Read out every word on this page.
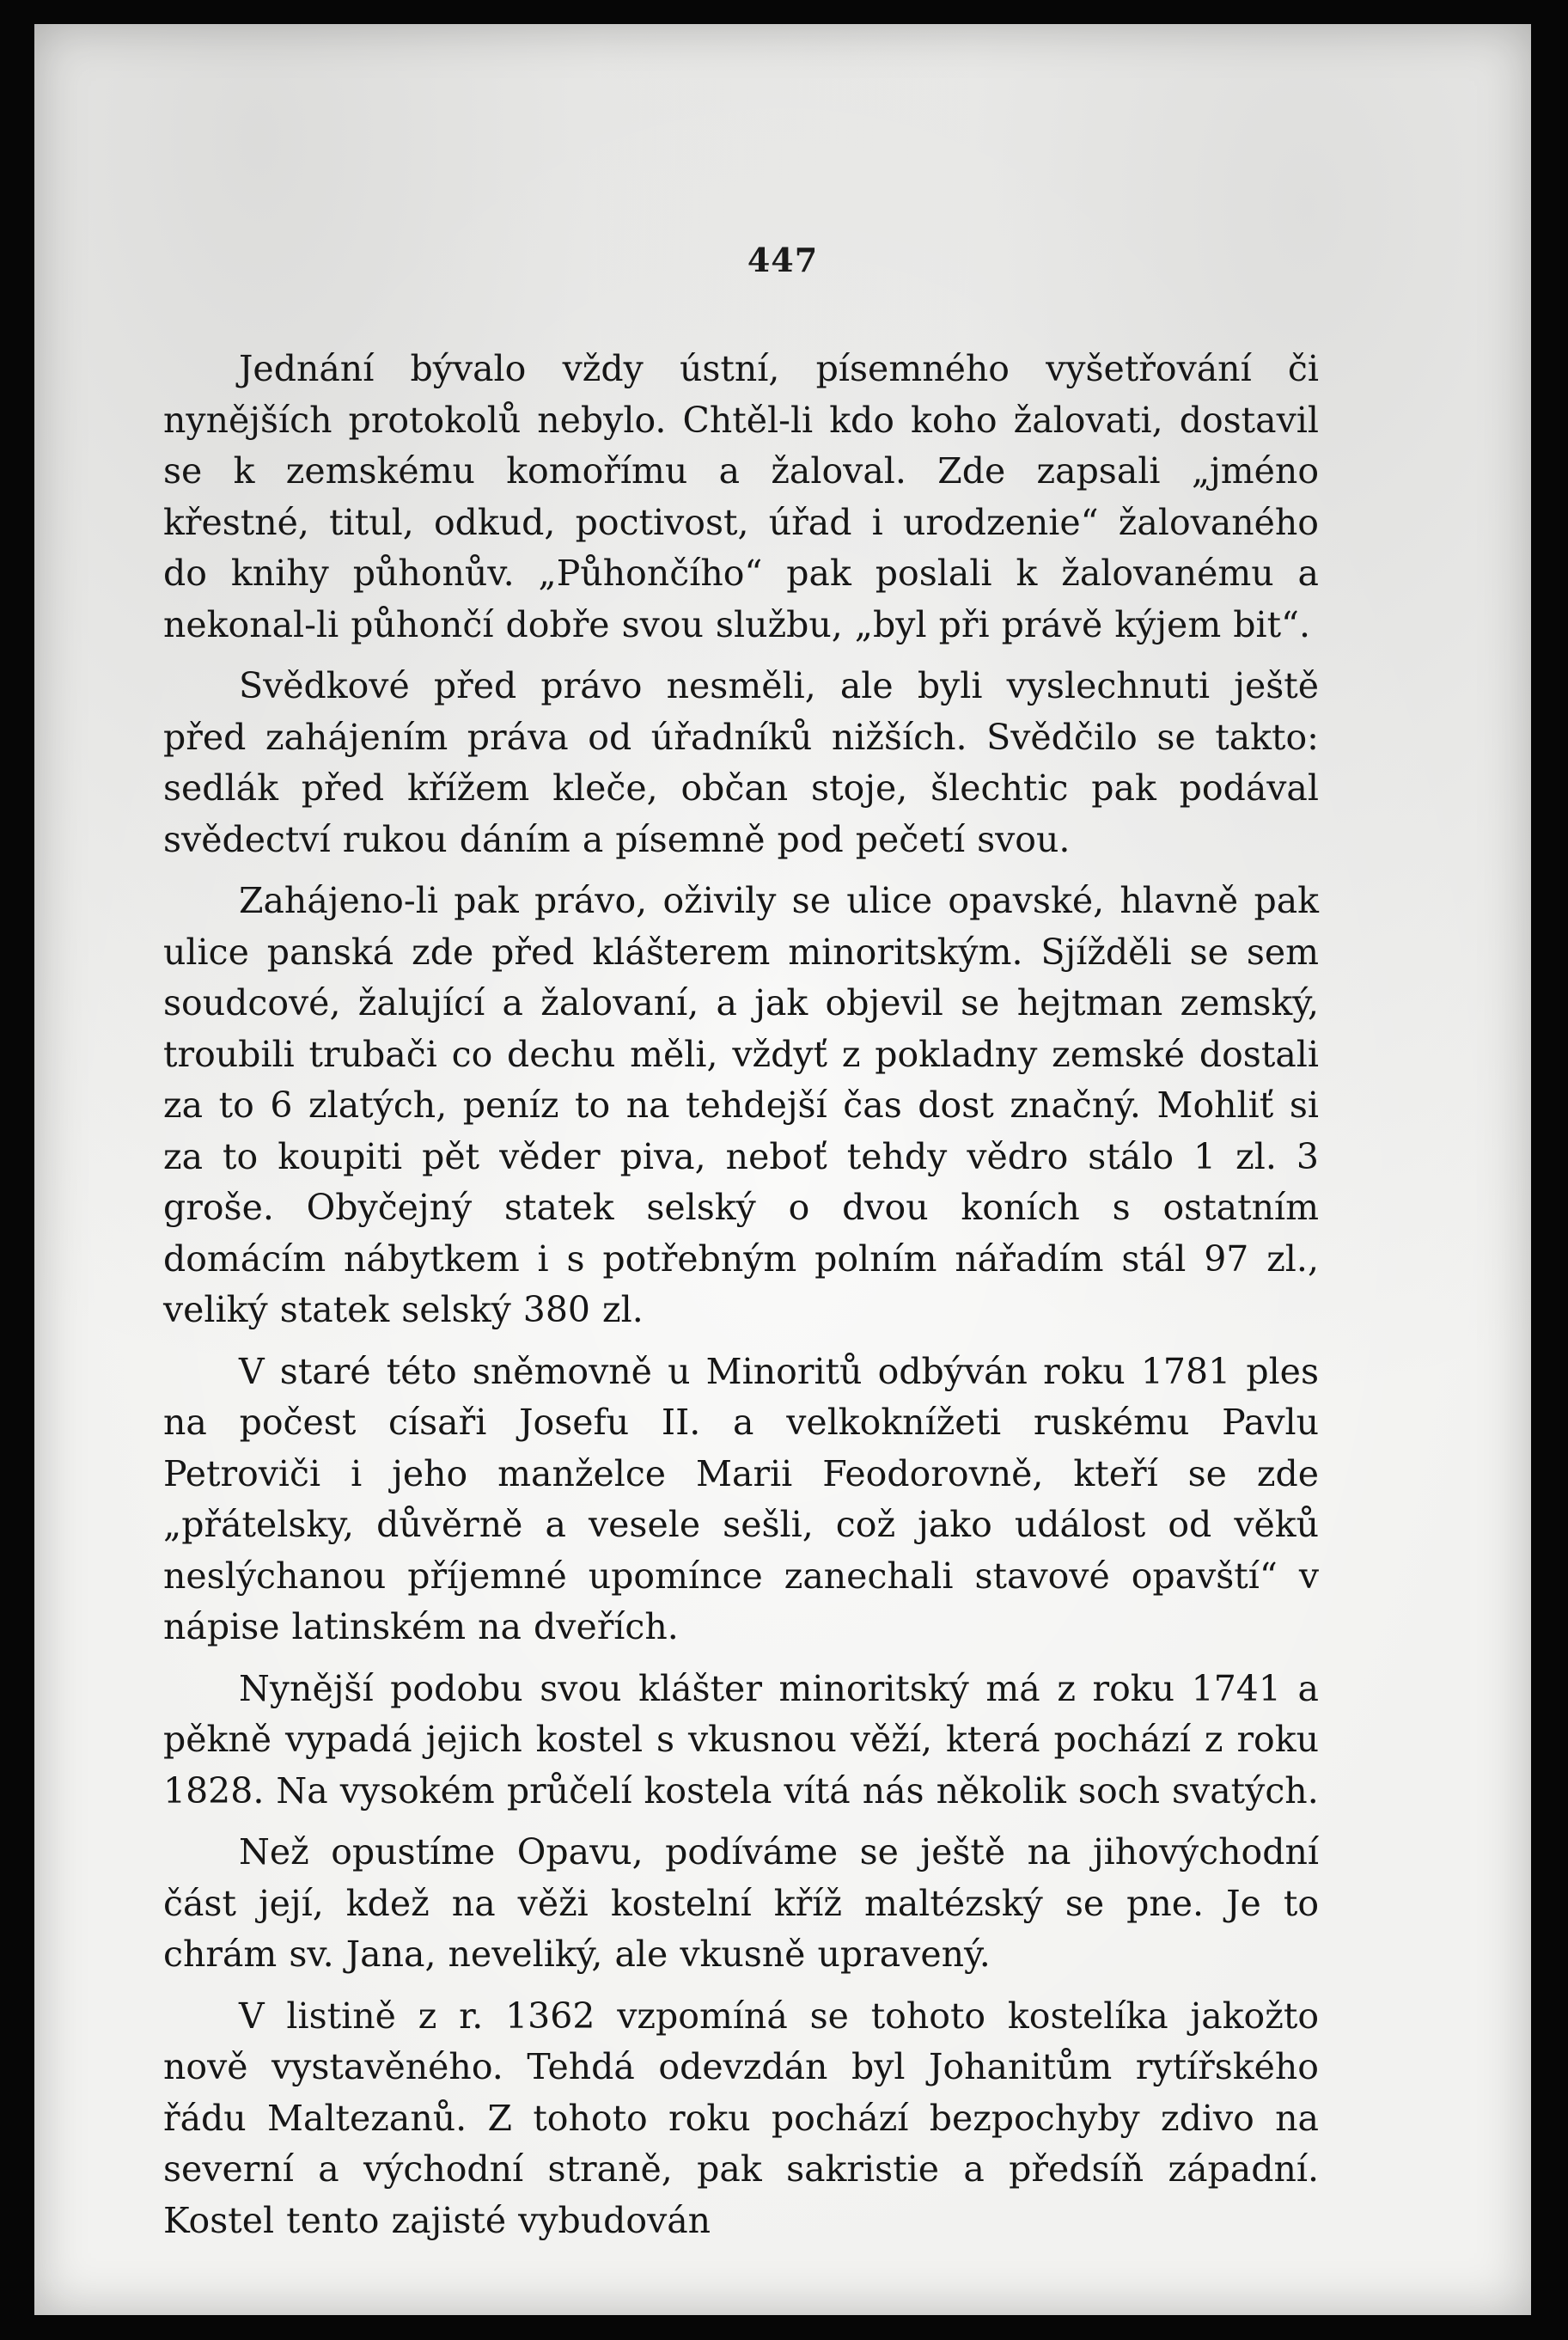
447

Jednání bývalo vždy ústní, písemného vyšetřování či nynějších protokolů nebylo. Chtěl-li kdo koho žalovati, dostavil se k zemskému komořímu a žaloval. Zde zapsali „jméno křestné, titul, odkud, poctivost, úřad i urodzenie“ žalovaného do knihy půhonův. „Půhončího“ pak poslali k žalovanému a nekonal-li půhončí dobře svou službu, „byl při právě kýjem bit“.

Svědkové před právo nesměli, ale byli vyslechnuti ještě před zahájením práva od úřadníků nižších. Svědčilo se takto: sedlák před křížem kleče, občan stoje, šlechtic pak podával svědectví rukou dáním a písemně pod pečetí svou.

Zahájeno-li pak právo, oživily se ulice opavské, hlavně pak ulice panská zde před klášterem minoritským. Sjížděli se sem soudcové, žalující a žalovaní, a jak objevil se hejtman zemský, troubili trubači co dechu měli, vždyť z pokladny zemské dostali za to 6 zlatých, peníz to na tehdejší čas dost značný. Mohliť si za to koupiti pět věder piva, neboť tehdy vědro stálo 1 zl. 3 groše. Obyčejný statek selský o dvou koních s ostatním domácím nábytkem i s potřebným polním nářadím stál 97 zl., veliký statek selský 380 zl.

V staré této sněmovně u Minoritů odbýván roku 1781 ples na počest císaři Josefu II. a velkoknížeti ruskému Pavlu Petroviči i jeho manželce Marii Feodorovně, kteří se zde „přátelsky, důvěrně a vesele sešli, což jako událost od věků neslýchanou příjemné upomínce zanechali stavové opavští“ v nápise latinském na dveřích.

Nynější podobu svou klášter minoritský má z roku 1741 a pěkně vypadá jejich kostel s vkusnou věží, která pochází z roku 1828. Na vysokém průčelí kostela vítá nás několik soch svatých.

Než opustíme Opavu, podíváme se ještě na jihovýchodní část její, kdež na věži kostelní kříž maltézský se pne. Je to chrám sv. Jana, neveliký, ale vkusně upravený.

V listině z r. 1362 vzpomíná se tohoto kostelíka jakožto nově vystavěného. Tehdá odevzdán byl Johanitům rytířského řádu Maltezanů. Z tohoto roku pochází bezpochyby zdivo na severní a východní straně, pak sakristie a předsíň západní. Kostel tento zajisté vybudován
